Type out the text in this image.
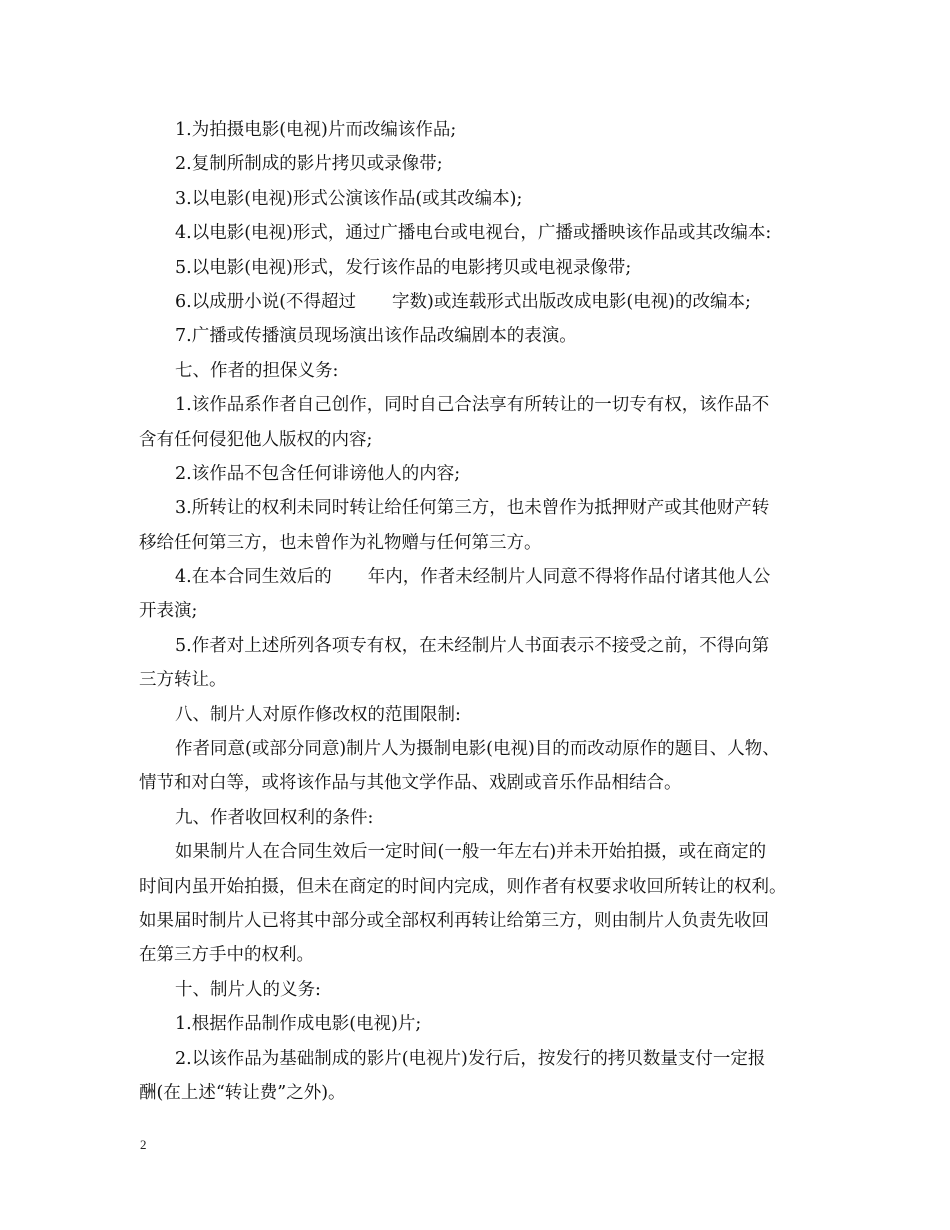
1.为拍摄电影(电视)片而改编该作品;
2.复制所制成的影片拷贝或录像带;
3.以电影(电视)形式公演该作品(或其改编本);
4.以电影(电视)形式，通过广播电台或电视台，广播或播映该作品或其改编本:
5.以电影(电视)形式，发行该作品的电影拷贝或电视录像带;
6.以成册小说(不得超过 字数)或连载形式出版改成电影(电视)的改编本;
7.广播或传播演员现场演出该作品改编剧本的表演。
七、作者的担保义务:
1.该作品系作者自己创作，同时自己合法享有所转让的一切专有权，该作品不
含有任何侵犯他人版权的内容;
2.该作品不包含任何诽谤他人的内容;
3.所转让的权利未同时转让给任何第三方，也未曾作为抵押财产或其他财产转
移给任何第三方，也未曾作为礼物赠与任何第三方。
4.在本合同生效后的 年内，作者未经制片人同意不得将作品付诸其他人公
开表演;
5.作者对上述所列各项专有权，在未经制片人书面表示不接受之前，不得向第
三方转让。
八、制片人对原作修改权的范围限制:
作者同意(或部分同意)制片人为摄制电影(电视)目的而改动原作的题目、人物、
情节和对白等，或将该作品与其他文学作品、戏剧或音乐作品相结合。
九、作者收回权利的条件:
如果制片人在合同生效后一定时间(一般一年左右)并未开始拍摄，或在商定的
时间内虽开始拍摄，但未在商定的时间内完成，则作者有权要求收回所转让的权利。
如果届时制片人已将其中部分或全部权利再转让给第三方，则由制片人负责先收回
在第三方手中的权利。
十、制片人的义务:
1.根据作品制作成电影(电视)片;
2.以该作品为基础制成的影片(电视片)发行后，按发行的拷贝数量支付一定报
酬(在上述“转让费”之外)。
2
